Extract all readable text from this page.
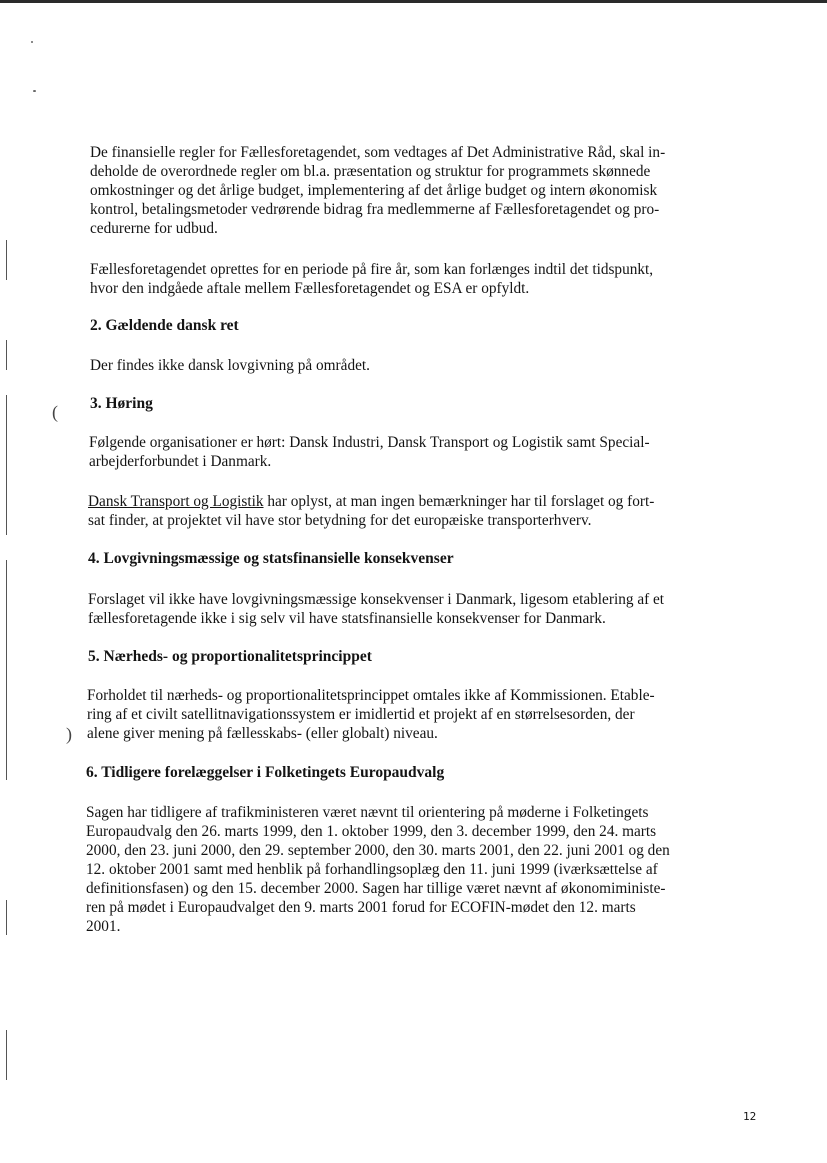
(
)
De finansielle regler for Fællesforetagendet, som vedtages af Det Administrative Råd, skal in-
deholde de overordnede regler om bl.a. præsentation og struktur for programmets skønnede
omkostninger og det årlige budget, implementering af det årlige budget og intern økonomisk
kontrol, betalingsmetoder vedrørende bidrag fra medlemmerne af Fællesforetagendet og pro-
cedurerne for udbud.
Fællesforetagendet oprettes for en periode på fire år, som kan forlænges indtil det tidspunkt,
hvor den indgåede aftale mellem Fællesforetagendet og ESA er opfyldt.
2. Gældende dansk ret
Der findes ikke dansk lovgivning på området.
3. Høring
Følgende organisationer er hørt: Dansk Industri, Dansk Transport og Logistik samt Special-
arbejderforbundet i Danmark.
Dansk Transport og Logistik har oplyst, at man ingen bemærkninger har til forslaget og fort-
sat finder, at projektet vil have stor betydning for det europæiske transporterhverv.
4. Lovgivningsmæssige og statsfinansielle konsekvenser
Forslaget vil ikke have lovgivningsmæssige konsekvenser i Danmark, ligesom etablering af et
fællesforetagende ikke i sig selv vil have statsfinansielle konsekvenser for Danmark.
5. Nærheds- og proportionalitetsprincippet
Forholdet til nærheds- og proportionalitetsprincippet omtales ikke af Kommissionen. Etable-
ring af et civilt satellitnavigationssystem er imidlertid et projekt af en størrelsesorden, der
alene giver mening på fællesskabs- (eller globalt) niveau.
6. Tidligere forelæggelser i Folketingets Europaudvalg
Sagen har tidligere af trafikministeren været nævnt til orientering på møderne i Folketingets
Europaudvalg den 26. marts 1999, den 1. oktober 1999, den 3. december 1999, den 24. marts
2000, den 23. juni 2000, den 29. september 2000, den 30. marts 2001, den 22. juni 2001 og den
12. oktober 2001 samt med henblik på forhandlingsoplæg den 11. juni 1999 (iværksættelse af
definitionsfasen) og den 15. december 2000. Sagen har tillige været nævnt af økonomiministe-
ren på mødet i Europaudvalget den 9. marts 2001 forud for ECOFIN-mødet den 12. marts
2001.
12
